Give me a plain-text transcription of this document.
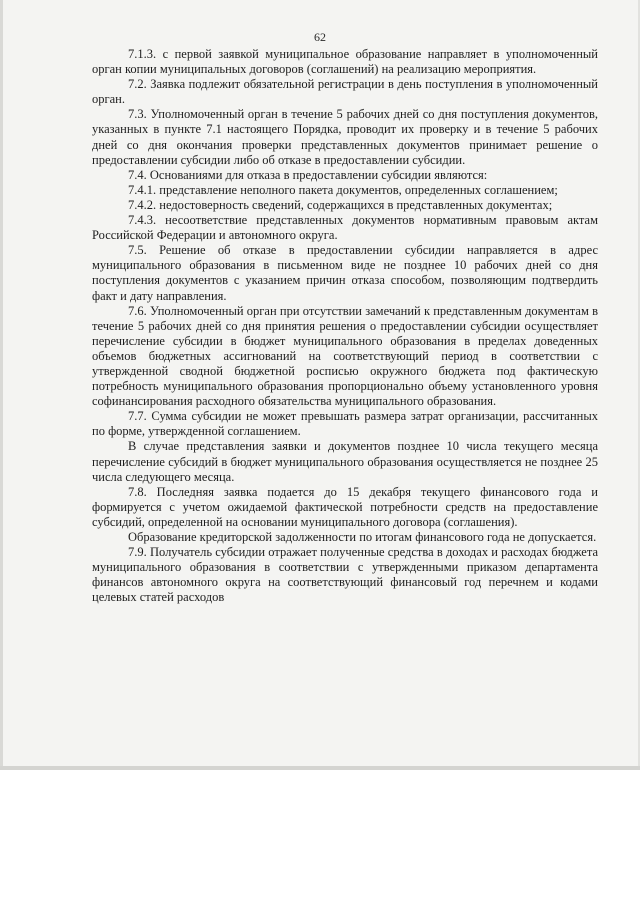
62

7.1.3. с первой заявкой муниципальное образование направляет в уполномоченный орган копии муниципальных договоров (соглашений) на реализацию мероприятия.

7.2. Заявка подлежит обязательной регистрации в день поступления в уполномоченный орган.

7.3. Уполномоченный орган в течение 5 рабочих дней со дня поступления документов, указанных в пункте 7.1 настоящего Порядка, проводит их проверку и в течение 5 рабочих дней со дня окончания проверки представленных документов принимает решение о предоставлении субсидии либо об отказе в предоставлении субсидии.

7.4. Основаниями для отказа в предоставлении субсидии являются:

7.4.1. представление неполного пакета документов, определенных соглашением;

7.4.2. недостоверность сведений, содержащихся в представленных документах;

7.4.3. несоответствие представленных документов нормативным правовым актам Российской Федерации и автономного округа.

7.5. Решение об отказе в предоставлении субсидии направляется в адрес муниципального образования в письменном виде не позднее 10 рабочих дней со дня поступления документов с указанием причин отказа способом, позволяющим подтвердить факт и дату направления.

7.6. Уполномоченный орган при отсутствии замечаний к представленным документам в течение 5 рабочих дней со дня принятия решения о предоставлении субсидии осуществляет перечисление субсидии в бюджет муниципального образования в пределах доведенных объемов бюджетных ассигнований на соответствующий период в соответствии с утвержденной сводной бюджетной росписью окружного бюджета под фактическую потребность муниципального образования пропорционально объему установленного уровня софинансирования расходного обязательства муниципального образования.

7.7. Сумма субсидии не может превышать размера затрат организации, рассчитанных по форме, утвержденной соглашением.

В случае представления заявки и документов позднее 10 числа текущего месяца перечисление субсидий в бюджет муниципального образования осуществляется не позднее 25 числа следующего месяца.

7.8. Последняя заявка подается до 15 декабря текущего финансового года и формируется с учетом ожидаемой фактической потребности средств на предоставление субсидий, определенной на основании муниципального договора (соглашения).

Образование кредиторской задолженности по итогам финансового года не допускается.

7.9. Получатель субсидии отражает полученные средства в доходах и расходах бюджета муниципального образования в соответствии с утвержденными приказом департамента финансов автономного округа на соответствующий финансовый год перечнем и кодами целевых статей расходов
